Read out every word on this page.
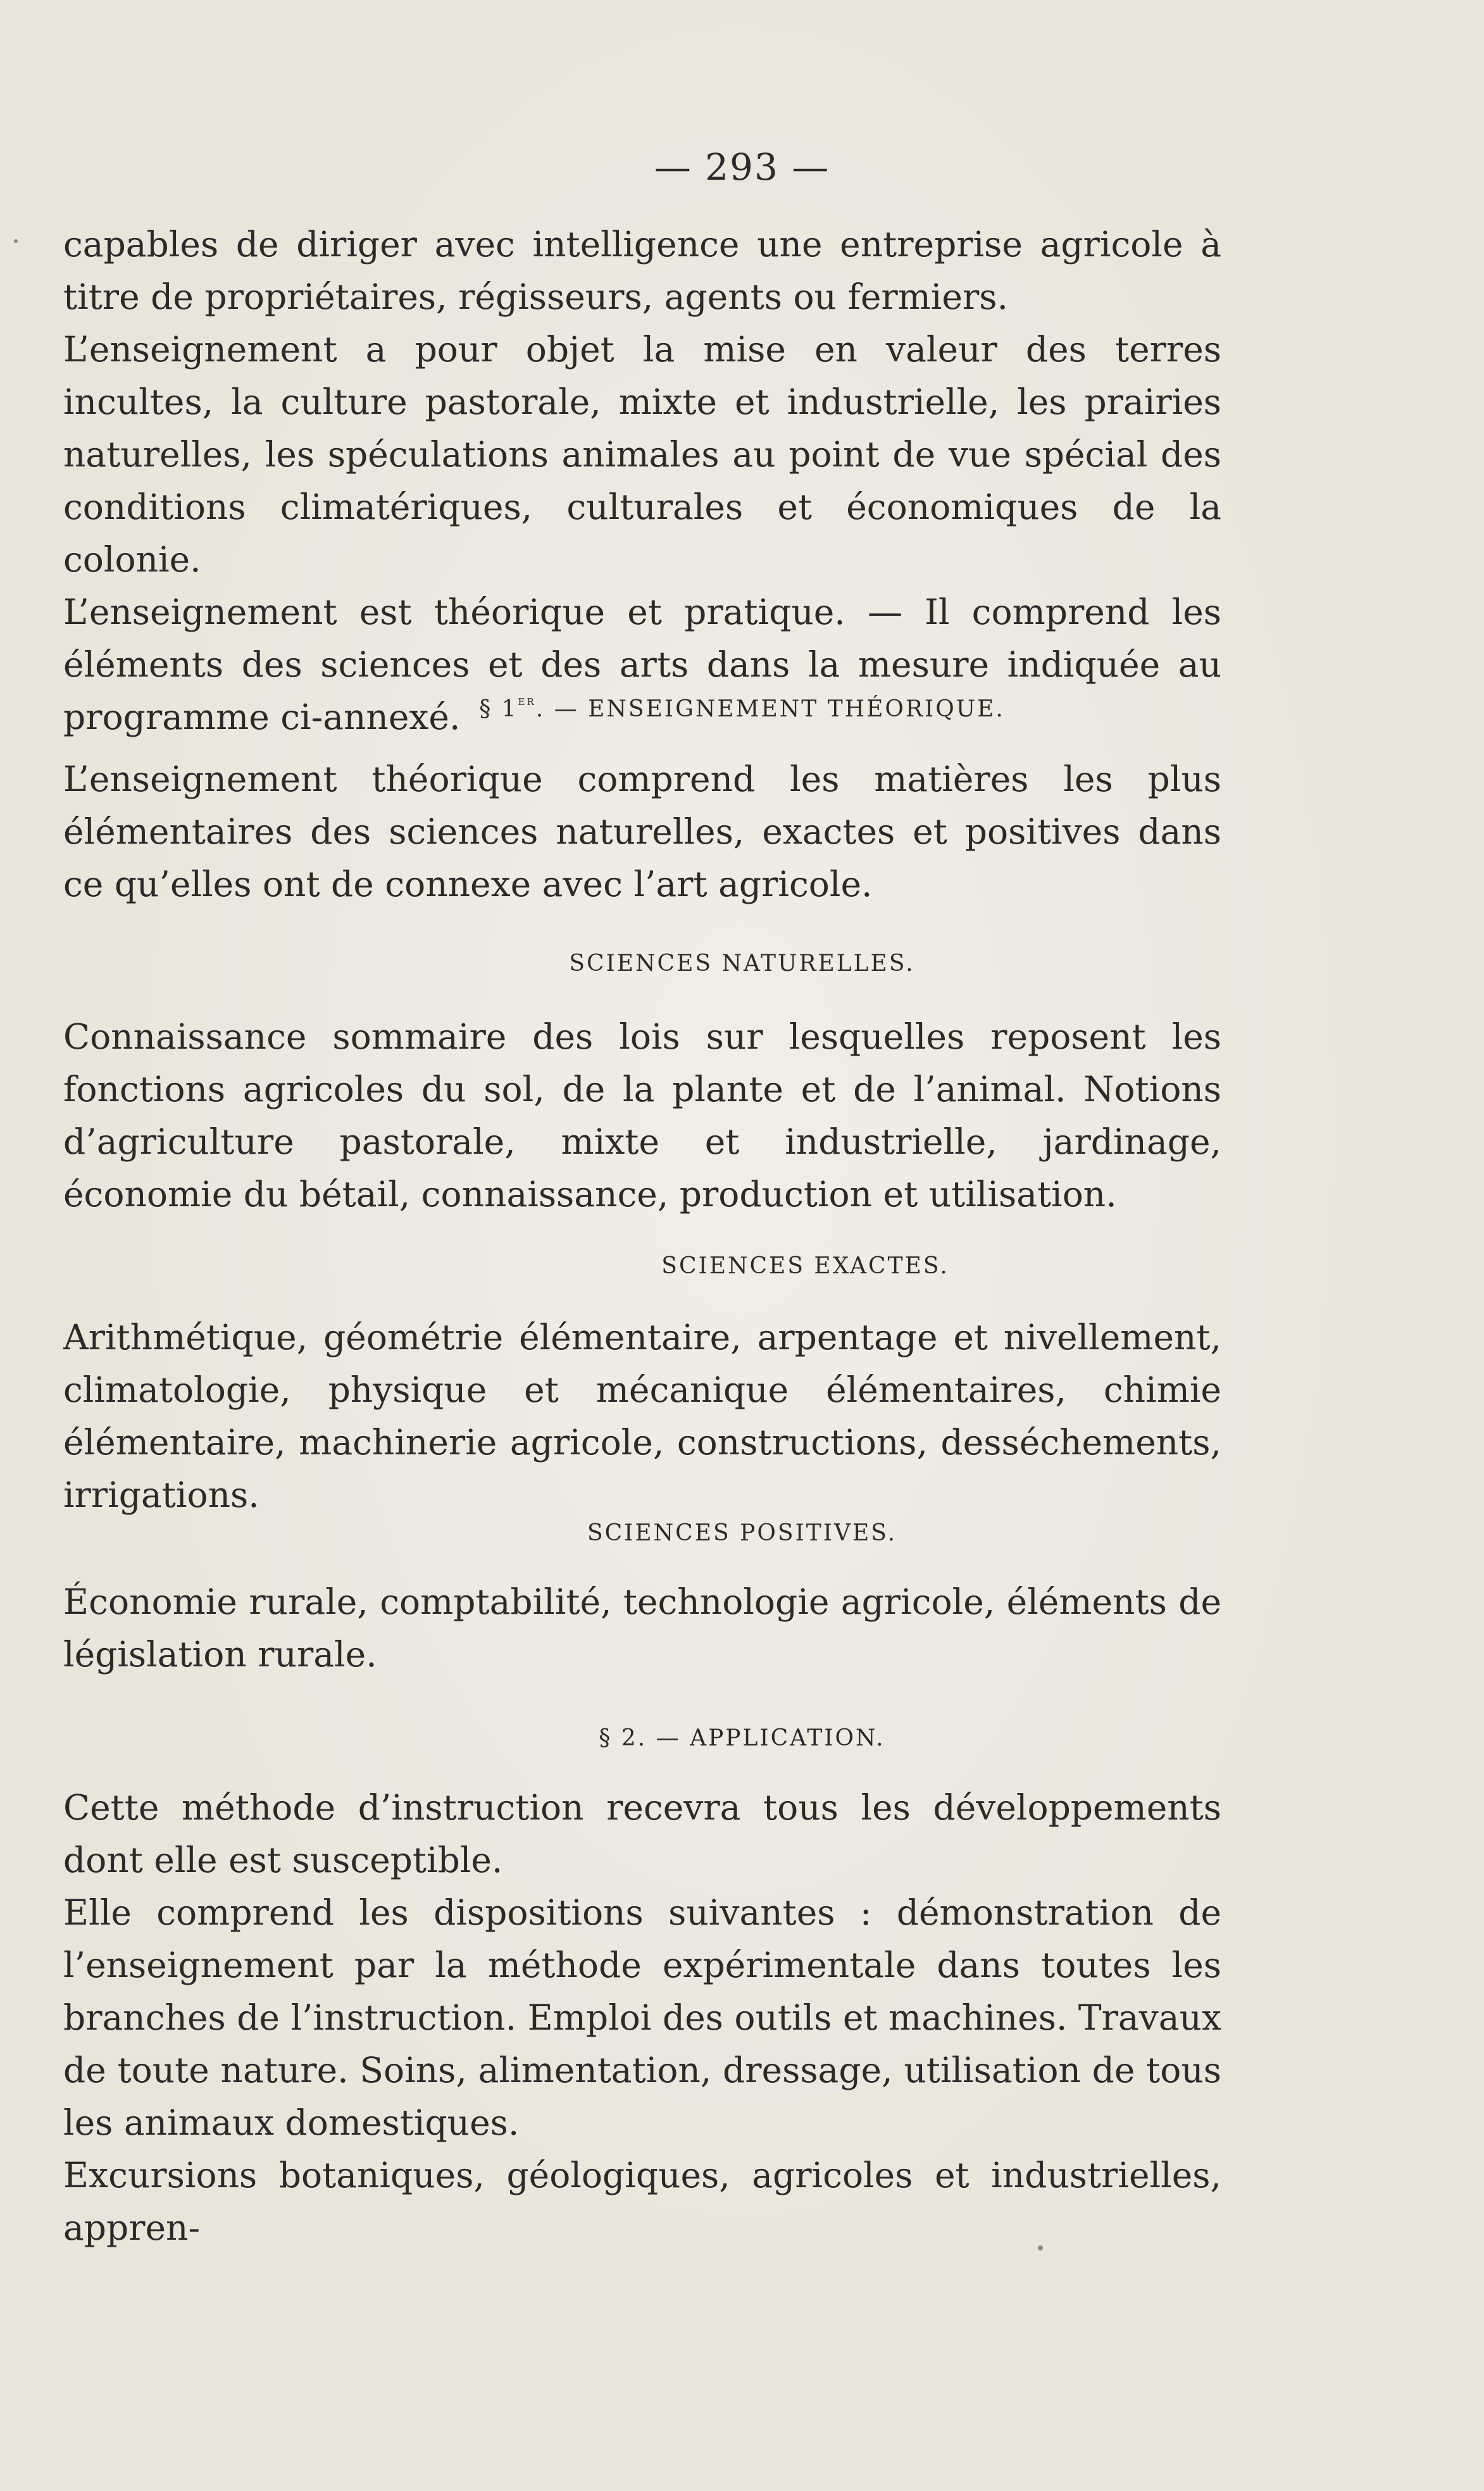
— 293 —

capables de diriger avec intelligence une entreprise agricole à titre de propriétaires, régisseurs, agents ou fermiers.

L’enseignement a pour objet la mise en valeur des terres incultes, la culture pastorale, mixte et industrielle, les prairies naturelles, les spéculations animales au point de vue spécial des conditions climatériques, culturales et économiques de la colonie.

L’enseignement est théorique et pratique. — Il comprend les éléments des sciences et des arts dans la mesure indiquée au programme ci-annexé. § 1er. — ENSEIGNEMENT THÉORIQUE.

L’enseignement théorique comprend les matières les plus élémentaires des sciences naturelles, exactes et positives dans ce qu’elles ont de connexe avec l’art agricole.

SCIENCES NATURELLES.

Connaissance sommaire des lois sur lesquelles reposent les fonctions agricoles du sol, de la plante et de l’animal. Notions d’agriculture pastorale, mixte et industrielle, jardinage, économie du bétail, connaissance, production et utilisation.

SCIENCES EXACTES.

Arithmétique, géométrie élémentaire, arpentage et nivellement, climatologie, physique et mécanique élémentaires, chimie élémentaire, machinerie agricole, constructions, desséchements, irrigations.

SCIENCES POSITIVES.

Économie rurale, comptabilité, technologie agricole, éléments de législation rurale.

§ 2. — APPLICATION.

Cette méthode d’instruction recevra tous les développements dont elle est susceptible.

Elle comprend les dispositions suivantes : démonstration de l’enseignement par la méthode expérimentale dans toutes les branches de l’instruction. Emploi des outils et machines. Travaux de toute nature. Soins, alimentation, dressage, utilisation de tous les animaux domestiques.

Excursions botaniques, géologiques, agricoles et industrielles, appren-
